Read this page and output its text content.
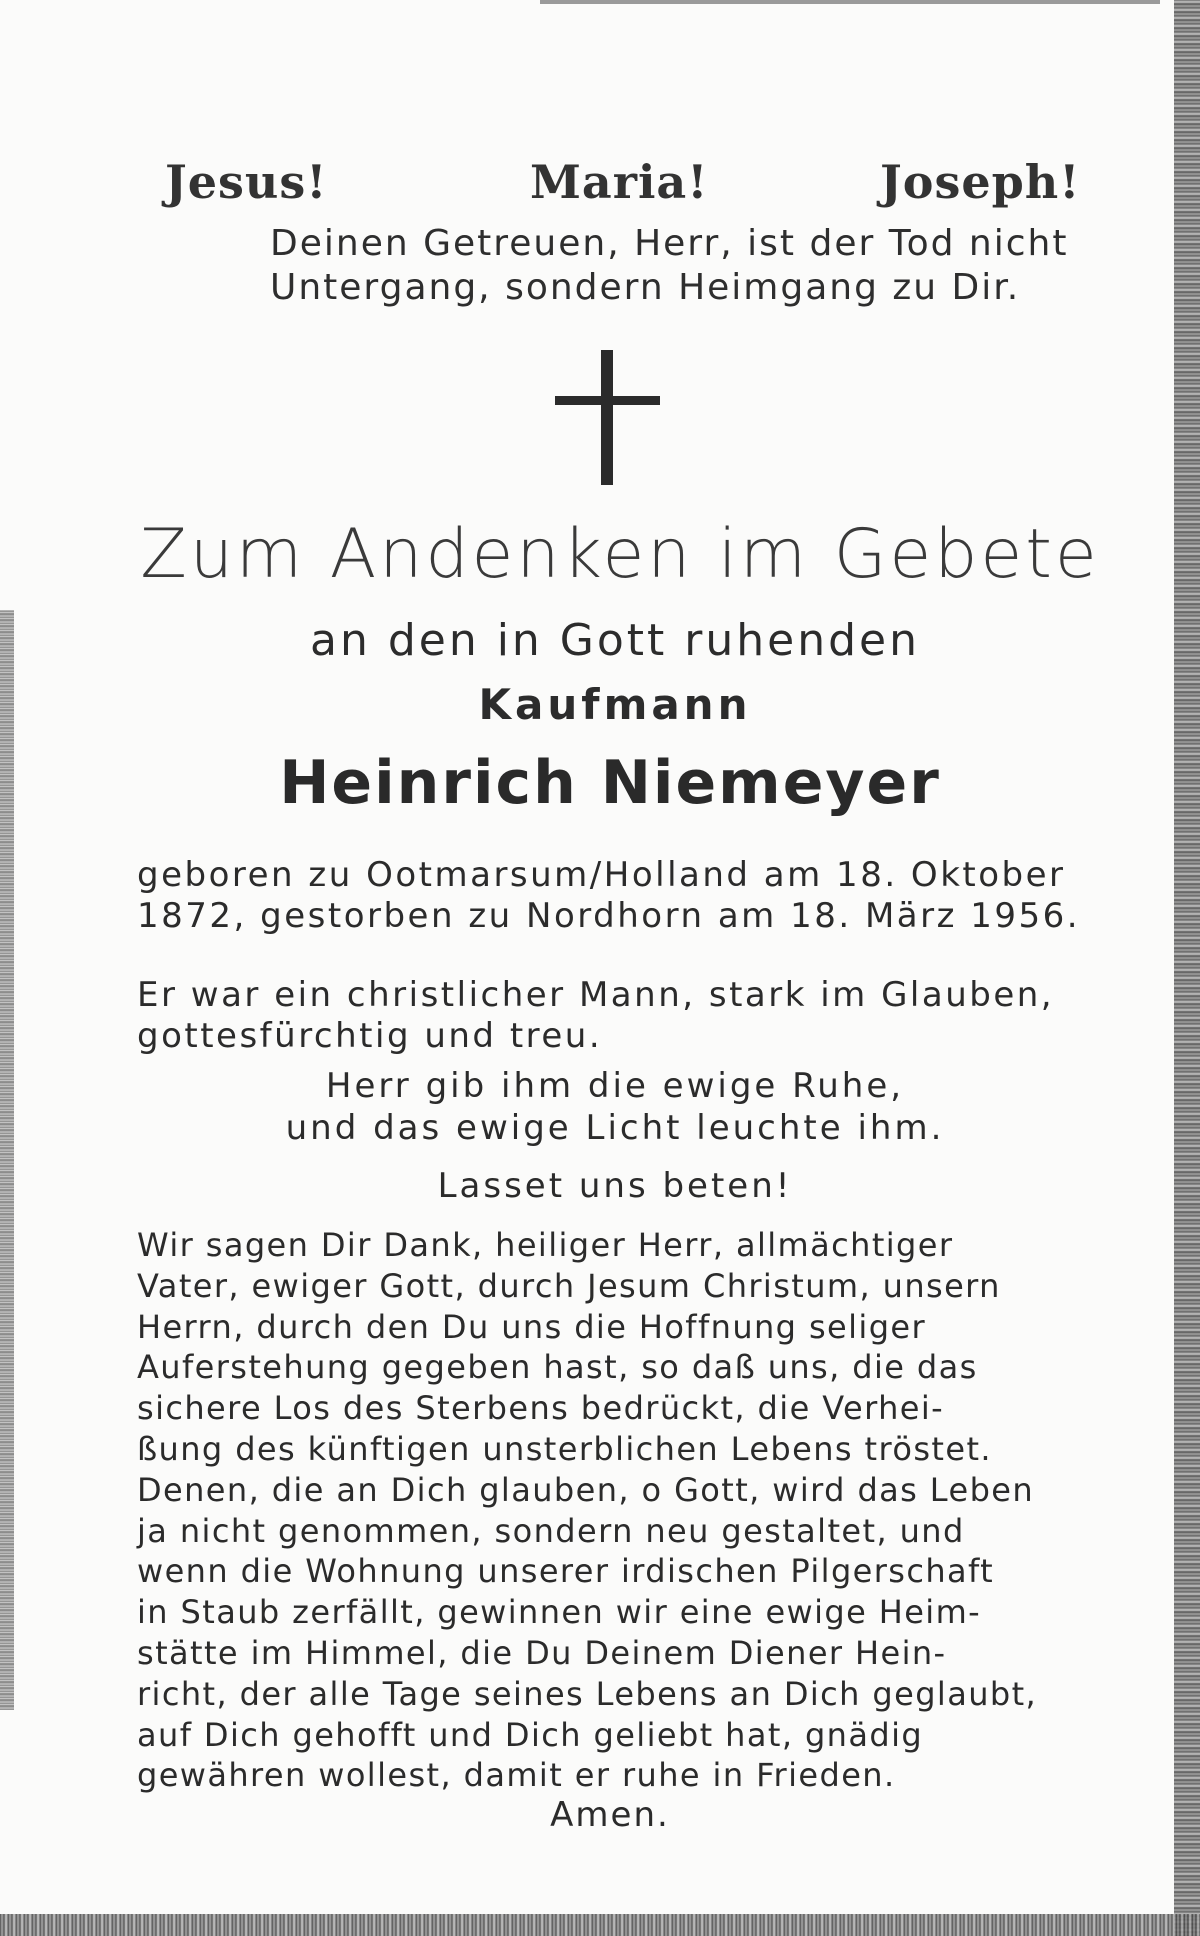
Jesus!	Maria!	Joseph!
Deinen Getreuen, Herr, ist der Tod nicht
Untergang, sondern Heimgang zu Dir.
Zum Andenken im Gebete
an den in Gott ruhenden
Kaufmann
Heinrich Niemeyer
geboren zu Ootmarsum/Holland am 18. Oktober
1872, gestorben zu Nordhorn am 18. März 1956.
Er war ein christlicher Mann, stark im Glauben,
gottesfürchtig und treu.
Herr gib ihm die ewige Ruhe,
und das ewige Licht leuchte ihm.
Lasset uns beten!
Wir sagen Dir Dank, heiliger Herr, allmächtiger
Vater, ewiger Gott, durch Jesum Christum, unsern
Herrn, durch den Du uns die Hoffnung seliger
Auferstehung gegeben hast, so daß uns, die das
sichere Los des Sterbens bedrückt, die Verhei-
ßung des künftigen unsterblichen Lebens tröstet.
Denen, die an Dich glauben, o Gott, wird das Leben
ja nicht genommen, sondern neu gestaltet, und
wenn die Wohnung unserer irdischen Pilgerschaft
in Staub zerfällt, gewinnen wir eine ewige Heim-
stätte im Himmel, die Du Deinem Diener Hein-
richt, der alle Tage seines Lebens an Dich geglaubt,
auf Dich gehofft und Dich geliebt hat, gnädig
gewähren wollest, damit er ruhe in Frieden.
Amen.
